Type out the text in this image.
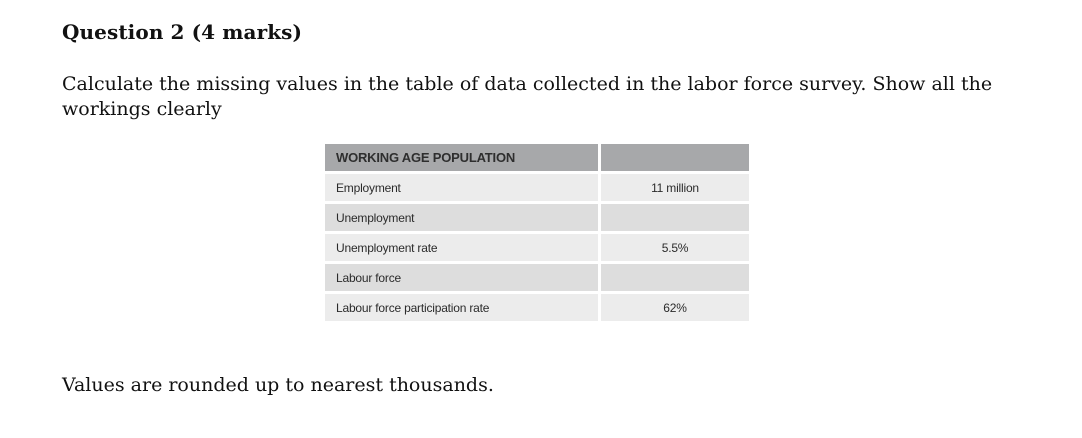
Question 2 (4 marks)
Calculate the missing values in the table of data collected in the labor force survey. Show all the workings clearly
WORKING AGE POPULATION	
Employment	11 million
Unemployment	
Unemployment rate	5.5%
Labour force	
Labour force participation rate	62%
Values are rounded up to nearest thousands.
